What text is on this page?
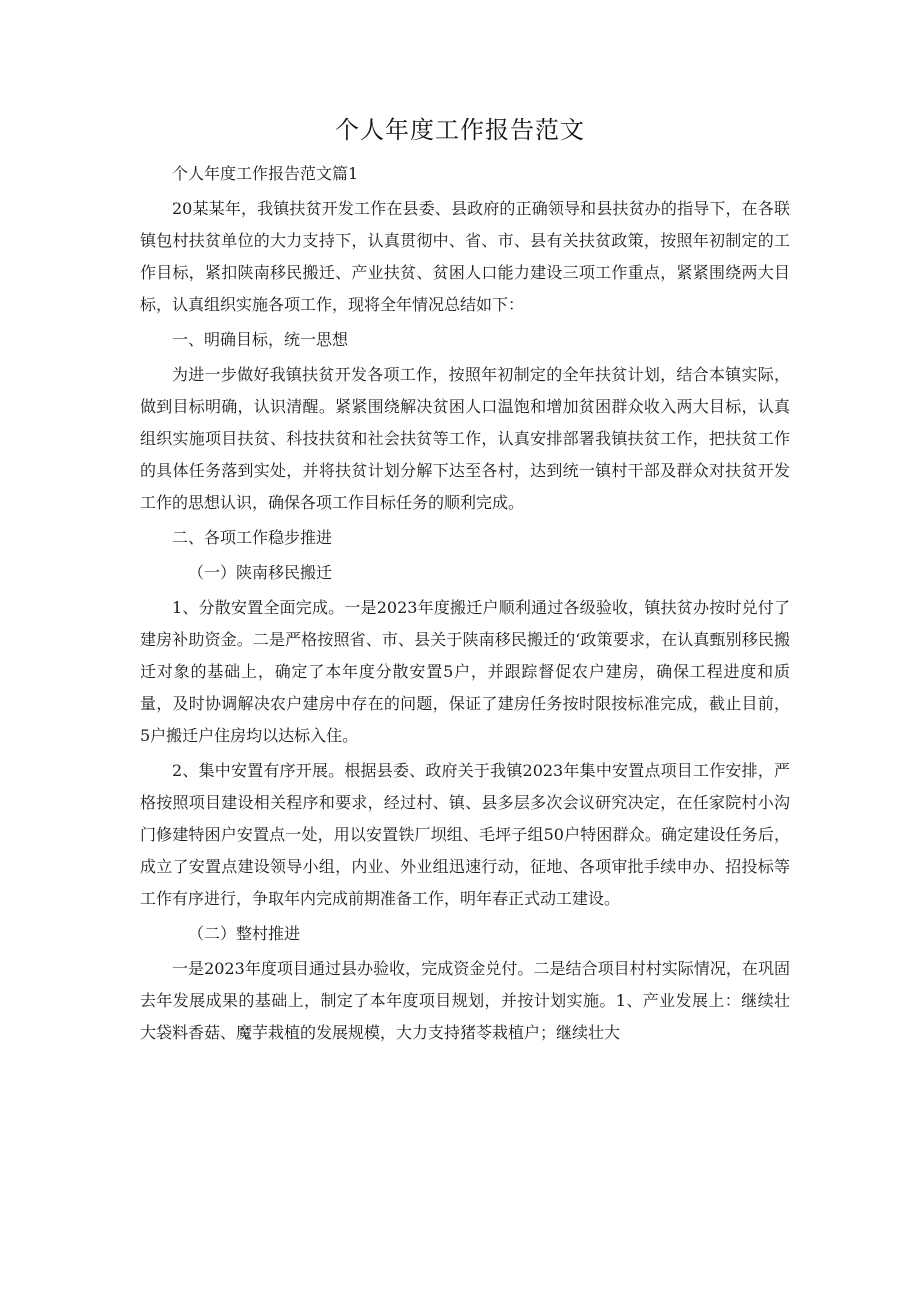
个人年度工作报告范文

个人年度工作报告范文篇1

20某某年，我镇扶贫开发工作在县委、县政府的正确领导和县扶贫办的指导下，在各联镇包村扶贫单位的大力支持下，认真贯彻中、省、市、县有关扶贫政策，按照年初制定的工作目标，紧扣陕南移民搬迁、产业扶贫、贫困人口能力建设三项工作重点，紧紧围绕两大目标，认真组织实施各项工作，现将全年情况总结如下：

一、明确目标，统一思想

为进一步做好我镇扶贫开发各项工作，按照年初制定的全年扶贫计划，结合本镇实际，做到目标明确，认识清醒。紧紧围绕解决贫困人口温饱和增加贫困群众收入两大目标，认真组织实施项目扶贫、科技扶贫和社会扶贫等工作，认真安排部署我镇扶贫工作，把扶贫工作的具体任务落到实处，并将扶贫计划分解下达至各村，达到统一镇村干部及群众对扶贫开发工作的思想认识，确保各项工作目标任务的顺利完成。

二、各项工作稳步推进

（一）陕南移民搬迁

1、分散安置全面完成。一是2023年度搬迁户顺利通过各级验收，镇扶贫办按时兑付了建房补助资金。二是严格按照省、市、县关于陕南移民搬迁的‘政策要求，在认真甄别移民搬迁对象的基础上，确定了本年度分散安置5户，并跟踪督促农户建房，确保工程进度和质量，及时协调解决农户建房中存在的问题，保证了建房任务按时限按标准完成，截止目前，5户搬迁户住房均以达标入住。

2、集中安置有序开展。根据县委、政府关于我镇2023年集中安置点项目工作安排，严格按照项目建设相关程序和要求，经过村、镇、县多层多次会议研究决定，在任家院村小沟门修建特困户安置点一处，用以安置铁厂坝组、毛坪子组50户特困群众。确定建设任务后，成立了安置点建设领导小组，内业、外业组迅速行动，征地、各项审批手续申办、招投标等工作有序进行，争取年内完成前期准备工作，明年春正式动工建设。

（二）整村推进

一是2023年度项目通过县办验收，完成资金兑付。二是结合项目村村实际情况，在巩固去年发展成果的基础上，制定了本年度项目规划，并按计划实施。1、产业发展上：继续壮大袋料香菇、魔芋栽植的发展规模，大力支持猪苓栽植户；继续壮大
